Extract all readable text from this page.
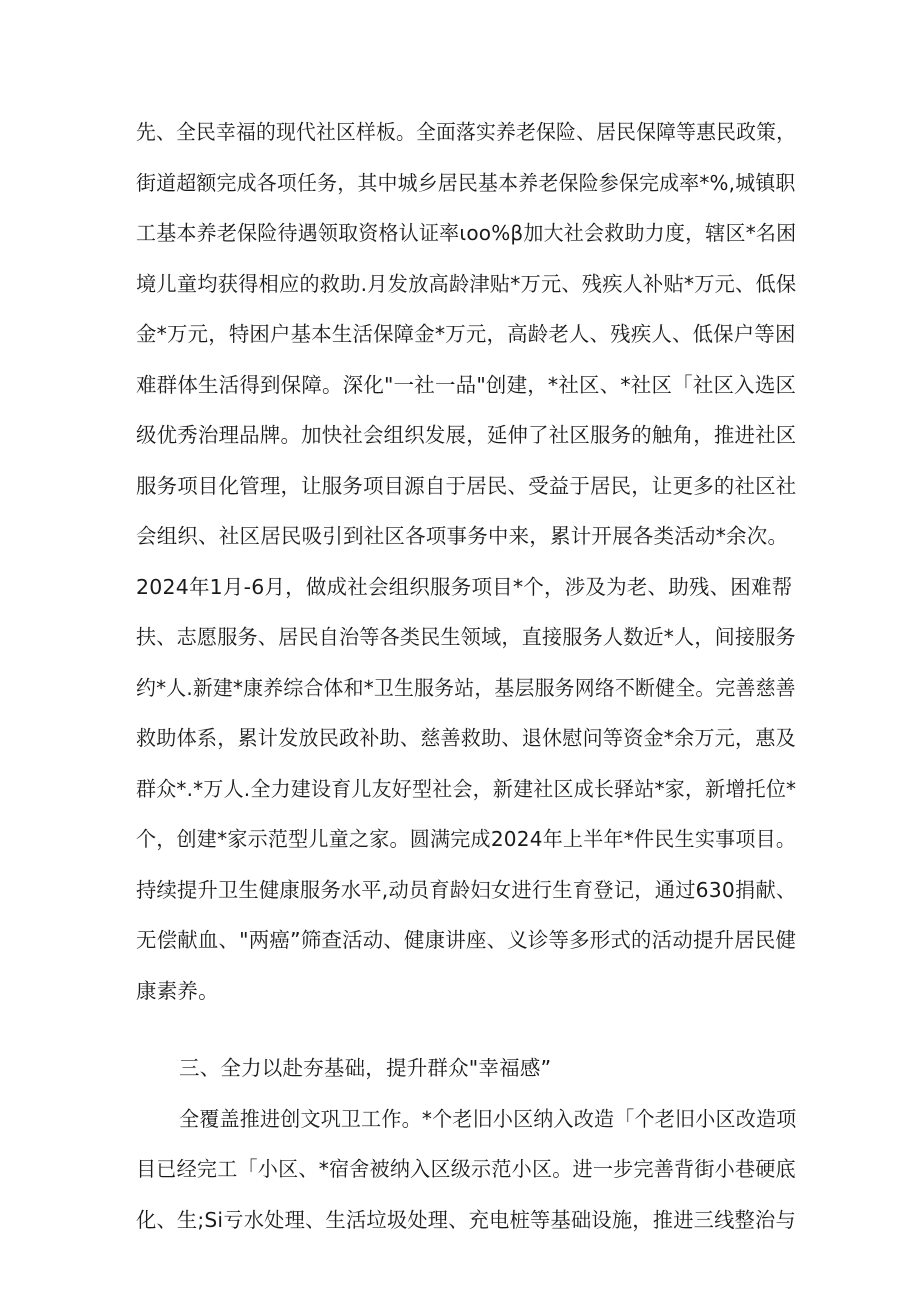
先、全民幸福的现代社区样板。全面落实养老保险、居民保障等惠民政策，
街道超额完成各项任务，其中城乡居民基本养老保险参保完成率*%,城镇职
工基本养老保险待遇领取资格认证率ιoo%β加大社会救助力度，辖区*名困
境儿童均获得相应的救助.月发放高龄津贴*万元、残疾人补贴*万元、低保
金*万元，特困户基本生活保障金*万元，高龄老人、残疾人、低保户等困
难群体生活得到保障。深化"一社一品"创建，*社区、*社区「社区入选区
级优秀治理品牌。加快社会组织发展，延伸了社区服务的触角，推进社区
服务项目化管理，让服务项目源自于居民、受益于居民，让更多的社区社
会组织、社区居民吸引到社区各项事务中来，累计开展各类活动*余次。
2024年1月-6月，做成社会组织服务项目*个，涉及为老、助残、困难帮
扶、志愿服务、居民自治等各类民生领域，直接服务人数近*人，间接服务
约*人.新建*康养综合体和*卫生服务站，基层服务网络不断健全。完善慈善
救助体系，累计发放民政补助、慈善救助、退休慰问等资金*余万元，惠及
群众*.*万人.全力建设育儿友好型社会，新建社区成长驿站*家，新增托位*
个，创建*家示范型儿童之家。圆满完成2024年上半年*件民生实事项目。
持续提升卫生健康服务水平,动员育龄妇女进行生育登记，通过630捐献、
无偿献血、"两癌”筛查活动、健康讲座、义诊等多形式的活动提升居民健
康素养。
三、全力以赴夯基础，提升群众"幸福感”
全覆盖推进创文巩卫工作。*个老旧小区纳入改造「个老旧小区改造项
目已经完工「小区、*宿舍被纳入区级示范小区。进一步完善背街小巷硬底
化、生;Si亏水处理、生活垃圾处理、充电桩等基础设施，推进三线整治与
